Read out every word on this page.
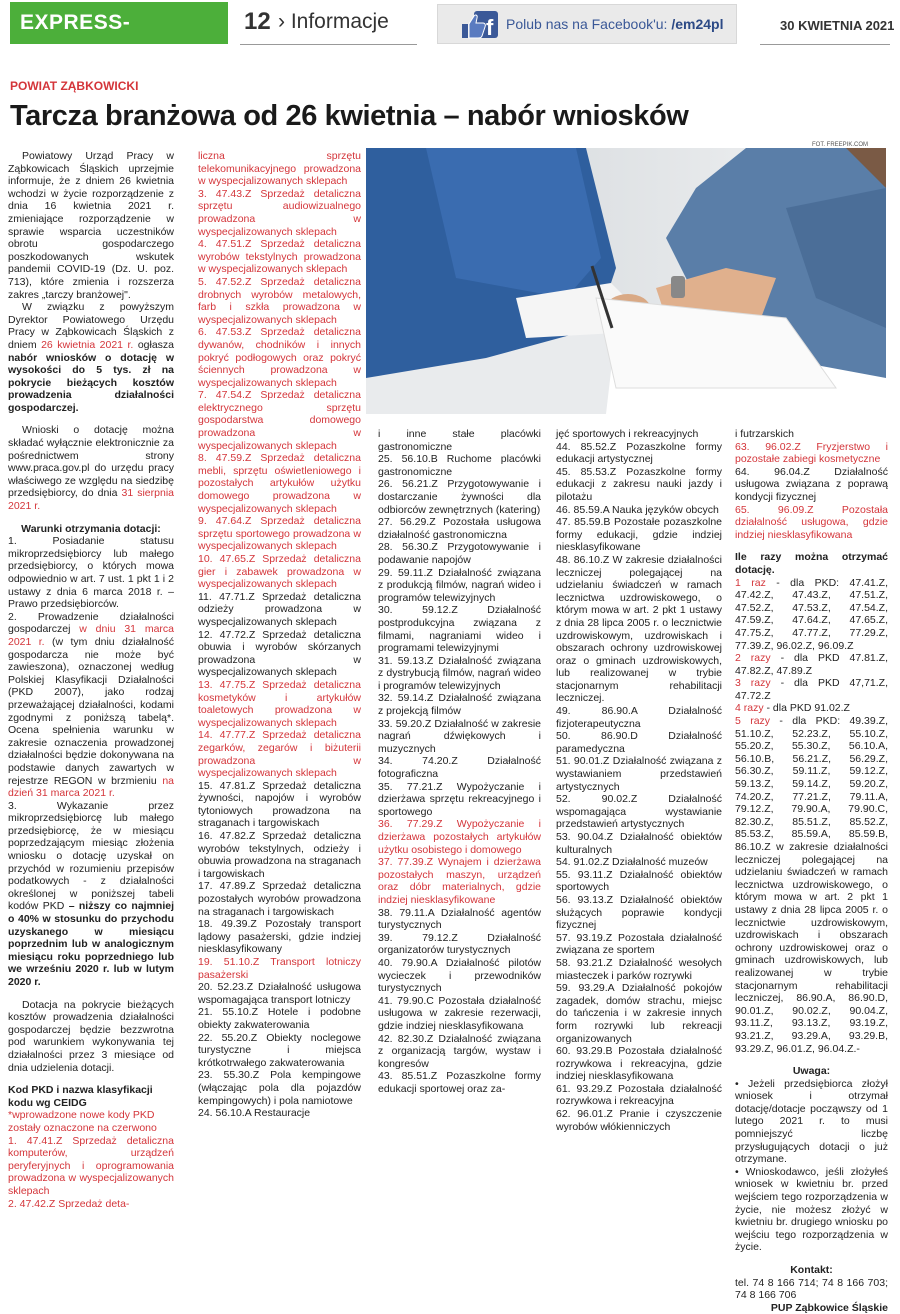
EXPRESS-MIEJSKI.PL
12 › Informacje	f Polub nas na Facebook'u: /em24pl	30 KWIETNIA 2021
POWIAT ZĄBKOWICKI
Tarcza branżowa od 26 kwietnia – nabór wniosków
FOT. FREEPIK.COM

Powiatowy Urząd Pracy w Ząbkowicach Śląskich uprzejmie informuje, że z dniem 26 kwietnia wchodzi w życie rozporządzenie z dnia 16 kwietnia 2021 r. zmieniające rozporządzenie w sprawie wsparcia uczestników obrotu gospodarczego poszkodowanych wskutek pandemii COVID-19 (Dz. U. poz. 713), które zmienia i rozszerza zakres „tarczy branżowej".

W związku z powyższym Dyrektor Powiatowego Urzędu Pracy w Ząbkowicach Śląskich z dniem 26 kwietnia 2021 r. ogłasza nabór wniosków o dotację w wysokości do 5 tys. zł na pokrycie bieżących kosztów prowadzenia działalności gospodarczej.

Wnioski o dotację można składać wyłącznie elektronicznie za pośrednictwem strony www.praca.gov.pl do urzędu pracy właściwego ze względu na siedzibę przedsiębiorcy, do dnia 31 sierpnia 2021 r.

Warunki otrzymania dotacji:

1. Posiadanie statusu mikroprzedsiębiorcy lub małego przedsiębiorcy, o których mowa odpowiednio w art. 7 ust. 1 pkt 1 i 2 ustawy z dnia 6 marca 2018 r. – Prawo przedsiębiorców.

2. Prowadzenie działalności gospodarczej w dniu 31 marca 2021 r. (w tym dniu działalność gospodarcza nie może być zawieszona), oznaczonej według Polskiej Klasyfikacji Działalności (PKD 2007), jako rodzaj przeważającej działalności, kodami zgodnymi z poniższą tabelą*. Ocena spełnienia warunku w zakresie oznaczenia prowadzonej działalności będzie dokonywana na podstawie danych zawartych w rejestrze REGON w brzmieniu na dzień 31 marca 2021 r.

3. Wykazanie przez mikroprzedsiębiorcę lub małego przedsiębiorcę, że w miesiącu poprzedzającym miesiąc złożenia wniosku o dotację uzyskał on przychód w rozumieniu przepisów podatkowych - z działalności określonej w poniższej tabeli kodów PKD – niższy co najmniej o 40% w stosunku do przychodu uzyskanego w miesiącu poprzednim lub w analogicznym miesiącu roku poprzedniego lub we wrześniu 2020 r. lub w lutym 2020 r.

Dotacja na pokrycie bieżących kosztów prowadzenia działalności gospodarczej będzie bezzwrotna pod warunkiem wykonywania tej działalności przez 3 miesiące od dnia udzielenia dotacji.

Kod PKD i nazwa klasyfikacji kodu wg CEIDG

*wprowadzone nowe kody PKD zostały oznaczone na czerwono

1. 47.41.Z Sprzedaż detaliczna komputerów, urządzeń peryferyjnych i oprogramowania prowadzona w wyspecjalizowanych sklepach

2. 47.42.Z Sprzedaż deta-

liczna sprzętu telekomunikacyjnego prowadzona w wyspecjalizowanych sklepach

3. 47.43.Z Sprzedaż detaliczna sprzętu audiowizualnego prowadzona w wyspecjalizowanych sklepach

4. 47.51.Z Sprzedaż detaliczna wyrobów tekstylnych prowadzona w wyspecjalizowanych sklepach

5. 47.52.Z Sprzedaż detaliczna drobnych wyrobów metalowych, farb i szkła prowadzona w wyspecjalizowanych sklepach

6. 47.53.Z Sprzedaż detaliczna dywanów, chodników i innych pokryć podłogowych oraz pokryć ściennych prowadzona w wyspecjalizowanych sklepach

7. 47.54.Z Sprzedaż detaliczna elektrycznego sprzętu gospodarstwa domowego prowadzona w wyspecjalizowanych sklepach

8. 47.59.Z Sprzedaż detaliczna mebli, sprzętu oświetleniowego i pozostałych artykułów użytku domowego prowadzona w wyspecjalizowanych sklepach

9. 47.64.Z Sprzedaż detaliczna sprzętu sportowego prowadzona w wyspecjalizowanych sklepach

10. 47.65.Z Sprzedaż detaliczna gier i zabawek prowadzona w wyspecjalizowanych sklepach

11. 47.71.Z Sprzedaż detaliczna odzieży prowadzona w wyspecjalizowanych sklepach

12. 47.72.Z Sprzedaż detaliczna obuwia i wyrobów skórzanych prowadzona w wyspecjalizowanych sklepach

13. 47.75.Z Sprzedaż detaliczna kosmetyków i artykułów toaletowych prowadzona w wyspecjalizowanych sklepach

14. 47.77.Z Sprzedaż detaliczna zegarków, zegarów i biżuterii prowadzona w wyspecjalizowanych sklepach

15. 47.81.Z Sprzedaż detaliczna żywności, napojów i wyrobów tytoniowych prowadzona na straganach i targowiskach

16. 47.82.Z Sprzedaż detaliczna wyrobów tekstylnych, odzieży i obuwia prowadzona na straganach i targowiskach

17. 47.89.Z Sprzedaż detaliczna pozostałych wyrobów prowadzona na straganach i targowiskach

18. 49.39.Z Pozostały transport lądowy pasażerski, gdzie indziej niesklasyfikowany

19. 51.10.Z Transport lotniczy pasażerski

20. 52.23.Z Działalność usługowa wspomagająca transport lotniczy

21. 55.10.Z Hotele i podobne obiekty zakwaterowania

22. 55.20.Z Obiekty noclegowe turystyczne i miejsca krótkotrwałego zakwaterowania

23. 55.30.Z Pola kempingowe (włączając pola dla pojazdów kempingowych) i pola namiotowe

24. 56.10.A Restauracje

i inne stałe placówki gastronomiczne

25. 56.10.B Ruchome placówki gastronomiczne

26. 56.21.Z Przygotowywanie i dostarczanie żywności dla odbiorców zewnętrznych (katering)

27. 56.29.Z Pozostała usługowa działalność gastronomiczna

28. 56.30.Z Przygotowywanie i podawanie napojów

29. 59.11.Z Działalność związana z produkcją filmów, nagrań wideo i programów telewizyjnych

30. 59.12.Z Działalność postprodukcyjna związana z filmami, nagraniami wideo i programami telewizyjnymi

31. 59.13.Z Działalność związana z dystrybucją filmów, nagrań wideo i programów telewizyjnych

32. 59.14.Z Działalność związana z projekcją filmów

33. 59.20.Z Działalność w zakresie nagrań dźwiękowych i muzycznych

34. 74.20.Z Działalność fotograficzna

35. 77.21.Z Wypożyczanie i dzierżawa sprzętu rekreacyjnego i sportowego

36. 77.29.Z Wypożyczanie i dzierżawa pozostałych artykułów użytku osobistego i domowego

37. 77.39.Z Wynajem i dzierżawa pozostałych maszyn, urządzeń oraz dóbr materialnych, gdzie indziej niesklasyfikowane

38. 79.11.A Działalność agentów turystycznych

39. 79.12.Z Działalność organizatorów turystycznych

40. 79.90.A Działalność pilotów wycieczek i przewodników turystycznych

41. 79.90.C Pozostała działalność usługowa w zakresie rezerwacji, gdzie indziej niesklasyfikowana

42. 82.30.Z Działalność związana z organizacją targów, wystaw i kongresów

43. 85.51.Z Pozaszkolne formy edukacji sportowej oraz za-

jęć sportowych i rekreacyjnych

44. 85.52.Z Pozaszkolne formy edukacji artystycznej

45. 85.53.Z Pozaszkolne formy edukacji z zakresu nauki jazdy i pilotażu

46. 85.59.A Nauka języków obcych

47. 85.59.B Pozostałe pozaszkolne formy edukacji, gdzie indziej niesklasyfikowane

48. 86.10.Z W zakresie działalności leczniczej polegającej na udzielaniu świadczeń w ramach lecznictwa uzdrowiskowego, o którym mowa w art. 2 pkt 1 ustawy z dnia 28 lipca 2005 r. o lecznictwie uzdrowiskowym, uzdrowiskach i obszarach ochrony uzdrowiskowej oraz o gminach uzdrowiskowych, lub realizowanej w trybie stacjonarnym rehabilitacji leczniczej.

49. 86.90.A Działalność fizjoterapeutyczna

50. 86.90.D Działalność paramedyczna

51. 90.01.Z Działalność związana z wystawianiem przedstawień artystycznych

52. 90.02.Z Działalność wspomagająca wystawianie przedstawień artystycznych

53. 90.04.Z Działalność obiektów kulturalnych

54. 91.02.Z Działalność muzeów

55. 93.11.Z Działalność obiektów sportowych

56. 93.13.Z Działalność obiektów służących poprawie kondycji fizycznej

57. 93.19.Z Pozostała działalność związana ze sportem

58. 93.21.Z Działalność wesołych miasteczek i parków rozrywki

59. 93.29.A Działalność pokojów zagadek, domów strachu, miejsc do tańczenia i w zakresie innych form rozrywki lub rekreacji organizowanych

60. 93.29.B Pozostała działalność rozrywkowa i rekreacyjna, gdzie indziej niesklasyfikowana

61. 93.29.Z Pozostała działalność rozrywkowa i rekreacyjna

62. 96.01.Z Pranie i czyszczenie wyrobów włókienniczych

i futrzarskich

63. 96.02.Z Fryzjerstwo i pozostałe zabiegi kosmetyczne

64. 96.04.Z Działalność usługowa związana z poprawą kondycji fizycznej

65. 96.09.Z Pozostała działalność usługowa, gdzie indziej niesklasyfikowana

Ile razy można otrzymać dotację.

1 raz - dla PKD: 47.41.Z, 47.42.Z, 47.43.Z, 47.51.Z, 47.52.Z, 47.53.Z, 47.54.Z, 47.59.Z, 47.64.Z, 47.65.Z, 47.75.Z, 47.77.Z, 77.29.Z, 77.39.Z, 96.02.Z, 96.09.Z

2 razy - dla PKD 47.81.Z, 47.82.Z, 47.89.Z

3 razy - dla PKD 47,71.Z, 47.72.Z

4 razy - dla PKD 91.02.Z

5 razy - dla PKD: 49.39.Z, 51.10.Z, 52.23.Z, 55.10.Z, 55.20.Z, 55.30.Z, 56.10.A, 56.10.B, 56.21.Z, 56.29.Z, 56.30.Z, 59.11.Z, 59.12.Z, 59.13.Z, 59.14.Z, 59.20.Z, 74.20.Z, 77.21.Z, 79.11.A, 79.12.Z, 79.90.A, 79.90.C, 82.30.Z, 85.51.Z, 85.52.Z, 85.53.Z, 85.59.A, 85.59.B, 86.10.Z w zakresie działalności leczniczej polegającej na udzielaniu świadczeń w ramach lecznictwa uzdrowiskowego, o którym mowa w art. 2 pkt 1 ustawy z dnia 28 lipca 2005 r. o lecznictwie uzdrowiskowym, uzdrowiskach i obszarach ochrony uzdrowiskowej oraz o gminach uzdrowiskowych, lub realizowanej w trybie stacjonarnym rehabilitacji leczniczej, 86.90.A, 86.90.D, 90.01.Z, 90.02.Z, 90.04.Z, 93.11.Z, 93.13.Z, 93.19.Z, 93.21.Z, 93.29.A, 93.29.B, 93.29.Z, 96.01.Z, 96.04.Z.-

Uwaga:

• Jeżeli przedsiębiorca złożył wniosek i otrzymał dotację/dotacje począwszy od 1 lutego 2021 r. to musi pomniejszyć liczbę przysługujących dotacji o już otrzymane.

• Wnioskodawco, jeśli złożyłeś wniosek w kwietniu br. przed wejściem tego rozporządzenia w życie, nie możesz złożyć w kwietniu br. drugiego wniosku po wejściu tego rozporządzenia w życie.

Kontakt:

tel. 74 8 166 714; 74 8 166 703; 74 8 166 706

PUP Ząbkowice Śląskie
